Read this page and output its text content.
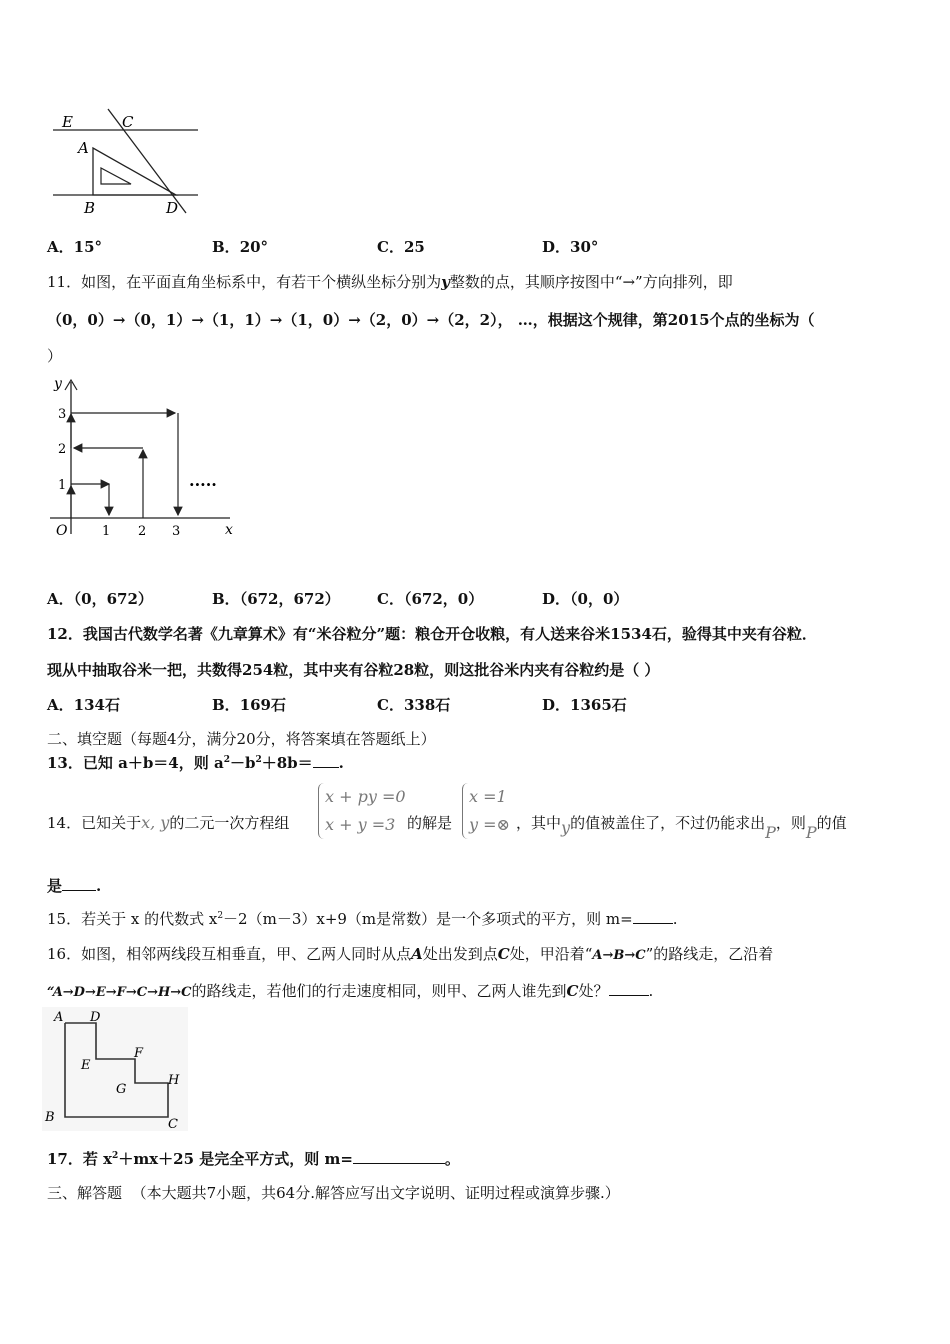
E	C
A
B	D
A．15°	B．20°	C．25	D．30°
11．如图，在平面直角坐标系中，有若干个横纵坐标分别为y整数的点，其顺序按图中“→”方向排列，即
（0，0）→（0，1）→（1，1）→（1，0）→（2，0）→（2，2）， …，根据这个规律，第2015个点的坐标为（
）
y
x
O
1
2
3
1 2 3
·····
A．（0，672）	B．（672，672） C．（672，0）	D．（0，0）
12．我国古代数学名著《九章算术》有“米谷粒分”题：粮仓开仓收粮，有人送来谷米1534石，验得其中夹有谷粒．
现从中抽取谷米一把，共数得254粒，其中夹有谷粒28粒，则这批谷米内夹有谷粒约是（ ）
A．134石	B．169石	C．338石	D．1365石
二、填空题（每题4分，满分20分，将答案填在答题纸上）
13．已知 a＋b＝4，则 $a^2-b^2+8b=$ .
14．已知关于x, y的二元一次方程组
x + py =0
x + y =3 的解是
x =1
y =⊗ ，其中y的值被盖住了，不过仍能求出P，则P的值
是 .
15．若关于 x 的代数式 $x^2-2(m-3)x+9(m$是常数）是一个多项式的平方，则 m=	.
16．如图，相邻两线段互相垂直，甲、乙两人同时从点A处出发到点C处，甲沿着“A→B→C”的路线走，乙沿着
“A→D→E→F→C→H→C的路线走，若他们的行走速度相同，则甲、乙两人谁先到C处？	.
A D
E
F
G
H
B	C
17．若 $x^2+mx+25$ 是完全平方式，则 m=	。
三、解答题 （本大题共7小题，共64分.解答应写出文字说明、证明过程或演算步骤.）
